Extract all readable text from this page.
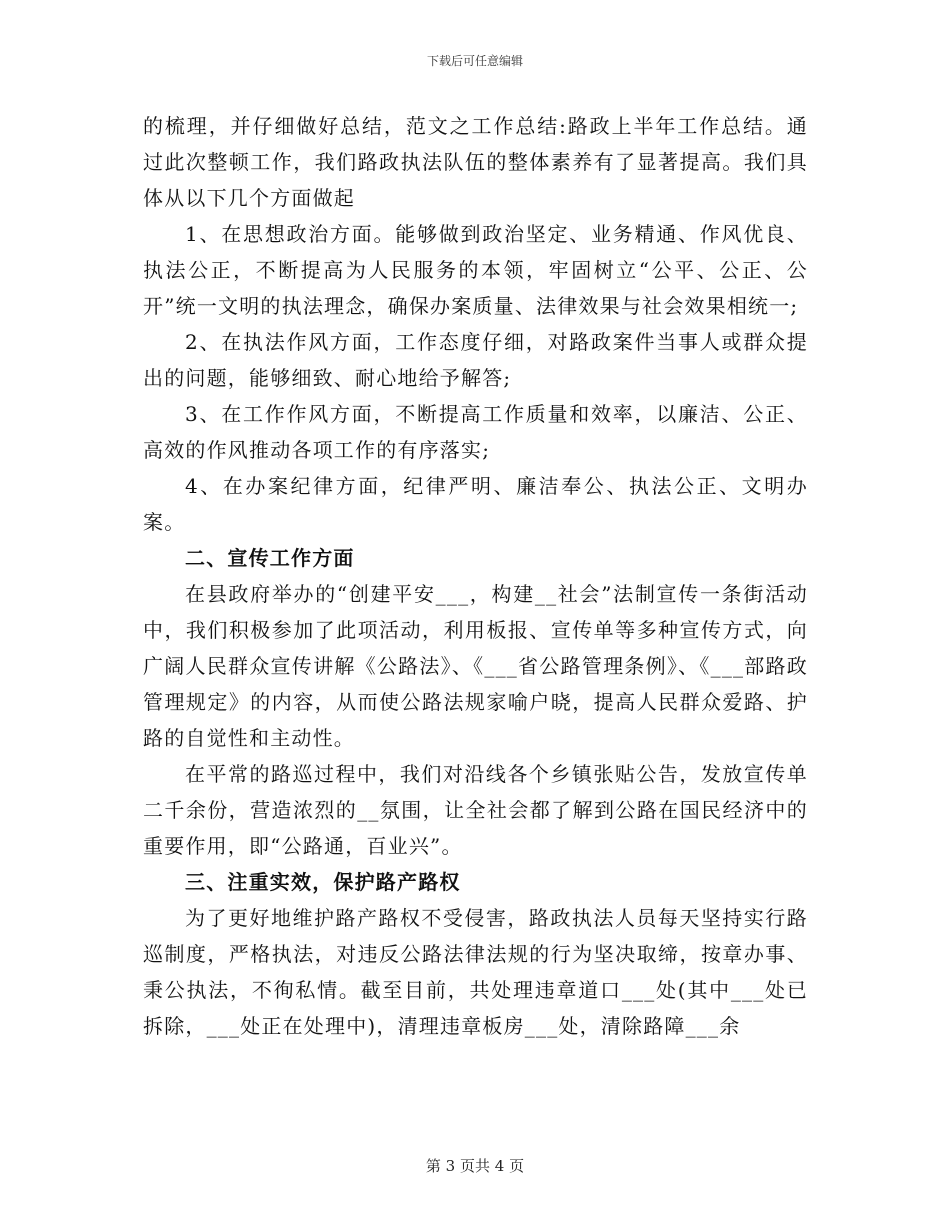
下载后可任意编辑

的梳理，并仔细做好总结，范文之工作总结:路政上半年工作总结。通过此次整顿工作，我们路政执法队伍的整体素养有了显著提高。我们具体从以下几个方面做起

1、在思想政治方面。能够做到政治坚定、业务精通、作风优良、执法公正，不断提高为人民服务的本领，牢固树立“公平、公正、公开”统一文明的执法理念，确保办案质量、法律效果与社会效果相统一;

2、在执法作风方面，工作态度仔细，对路政案件当事人或群众提出的问题，能够细致、耐心地给予解答;

3、在工作作风方面，不断提高工作质量和效率，以廉洁、公正、高效的作风推动各项工作的有序落实;

4、在办案纪律方面，纪律严明、廉洁奉公、执法公正、文明办案。

二、宣传工作方面

在县政府举办的“创建平安___，构建__社会”法制宣传一条街活动中，我们积极参加了此项活动，利用板报、宣传单等多种宣传方式，向广阔人民群众宣传讲解《公路法》、《___省公路管理条例》、《___部路政管理规定》的内容，从而使公路法规家喻户晓，提高人民群众爱路、护路的自觉性和主动性。

在平常的路巡过程中，我们对沿线各个乡镇张贴公告，发放宣传单二千余份，营造浓烈的__氛围，让全社会都了解到公路在国民经济中的重要作用，即“公路通，百业兴”。

三、注重实效，保护路产路权

为了更好地维护路产路权不受侵害，路政执法人员每天坚持实行路巡制度，严格执法，对违反公路法律法规的行为坚决取缔，按章办事、秉公执法，不徇私情。截至目前，共处理违章道口___处(其中___处已拆除，___处正在处理中)，清理违章板房___处，清除路障___余

第 3 页共 4 页
